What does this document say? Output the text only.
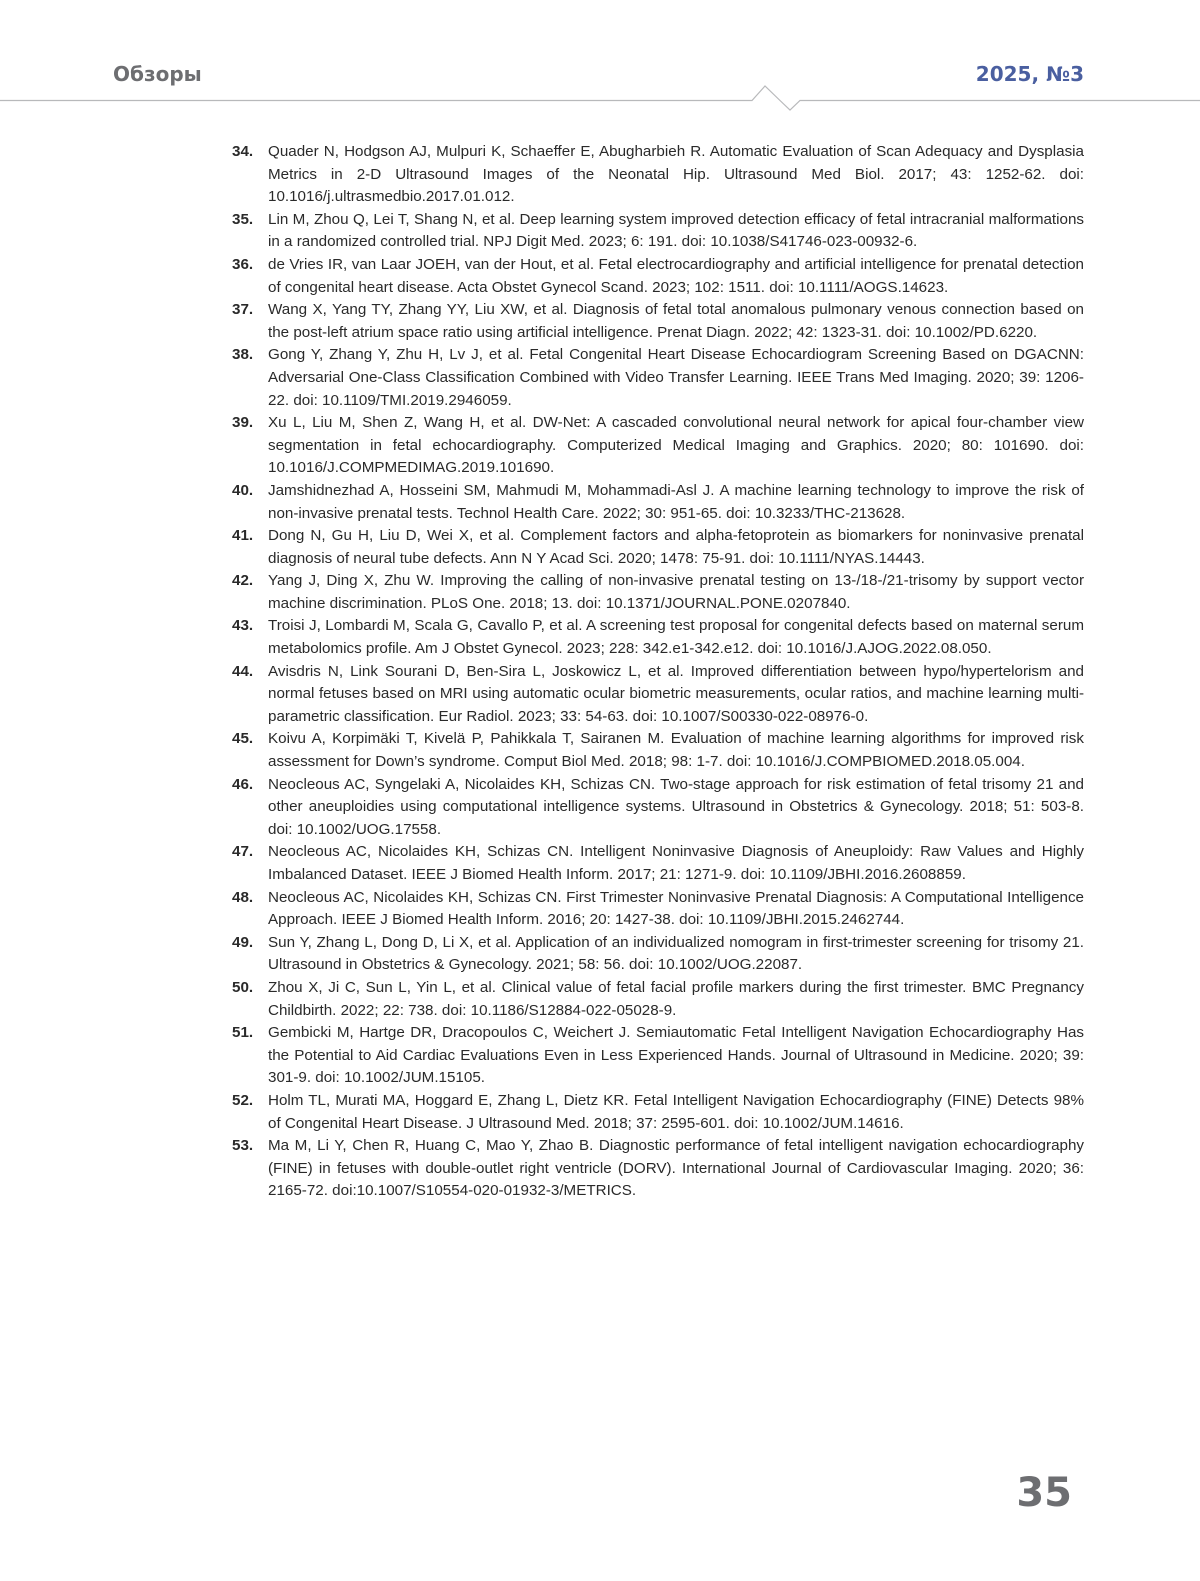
Обзоры	2025, №3
34. Quader N, Hodgson AJ, Mulpuri K, Schaeffer E, Abugharbieh R. Automatic Evaluation of Scan Adequacy and Dysplasia Metrics in 2-D Ultrasound Images of the Neonatal Hip. Ultrasound Med Biol. 2017; 43: 1252-62. doi: 10.1016/j.ultrasmedbio.2017.01.012.
35. Lin M, Zhou Q, Lei T, Shang N, et al. Deep learning system improved detection efficacy of fetal intracranial malformations in a randomized controlled trial. NPJ Digit Med. 2023; 6: 191. doi: 10.1038/S41746-023-00932-6.
36. de Vries IR, van Laar JOEH, van der Hout, et al. Fetal electrocardiography and artificial intelligence for prenatal detection of congenital heart disease. Acta Obstet Gynecol Scand. 2023; 102: 1511. doi: 10.1111/AOGS.14623.
37. Wang X, Yang TY, Zhang YY, Liu XW, et al. Diagnosis of fetal total anomalous pulmonary venous connection based on the post-left atrium space ratio using artificial intelligence. Prenat Diagn. 2022; 42: 1323-31. doi: 10.1002/PD.6220.
38. Gong Y, Zhang Y, Zhu H, Lv J, et al. Fetal Congenital Heart Disease Echocardiogram Screening Based on DGACNN: Adversarial One-Class Classification Combined with Video Transfer Learning. IEEE Trans Med Imaging. 2020; 39: 1206-22. doi: 10.1109/TMI.2019.2946059.
39. Xu L, Liu M, Shen Z, Wang H, et al. DW-Net: A cascaded convolutional neural network for apical four-chamber view segmentation in fetal echocardiography. Computerized Medical Imaging and Graphics. 2020; 80: 101690. doi: 10.1016/J.COMPMEDIMAG.2019.101690.
40. Jamshidnezhad A, Hosseini SM, Mahmudi M, Mohammadi-Asl J. A machine learning technology to improve the risk of non-invasive prenatal tests. Technol Health Care. 2022; 30: 951-65. doi: 10.3233/THC-213628.
41. Dong N, Gu H, Liu D, Wei X, et al. Complement factors and alpha-fetoprotein as biomarkers for noninvasive prenatal diagnosis of neural tube defects. Ann N Y Acad Sci. 2020; 1478: 75-91. doi: 10.1111/NYAS.14443.
42. Yang J, Ding X, Zhu W. Improving the calling of non-invasive prenatal testing on 13-/18-/21-trisomy by support vector machine discrimination. PLoS One. 2018; 13. doi: 10.1371/JOURNAL.PONE.0207840.
43. Troisi J, Lombardi M, Scala G, Cavallo P, et al. A screening test proposal for congenital defects based on maternal serum metabolomics profile. Am J Obstet Gynecol. 2023; 228: 342.e1-342.e12. doi: 10.1016/J.AJOG.2022.08.050.
44. Avisdris N, Link Sourani D, Ben-Sira L, Joskowicz L, et al. Improved differentiation between hypo/hypertelorism and normal fetuses based on MRI using automatic ocular biometric measurements, ocular ratios, and machine learning multi-parametric classification. Eur Radiol. 2023; 33: 54-63. doi: 10.1007/S00330-022-08976-0.
45. Koivu A, Korpimäki T, Kivelä P, Pahikkala T, Sairanen M. Evaluation of machine learning algorithms for improved risk assessment for Down’s syndrome. Comput Biol Med. 2018; 98: 1-7. doi: 10.1016/J.COMPBIOMED.2018.05.004.
46. Neocleous AC, Syngelaki A, Nicolaides KH, Schizas CN. Two-stage approach for risk estimation of fetal trisomy 21 and other aneuploidies using computational intelligence systems. Ultrasound in Obstetrics & Gynecology. 2018; 51: 503-8. doi: 10.1002/UOG.17558.
47. Neocleous AC, Nicolaides KH, Schizas CN. Intelligent Noninvasive Diagnosis of Aneuploidy: Raw Values and Highly Imbalanced Dataset. IEEE J Biomed Health Inform. 2017; 21: 1271-9. doi: 10.1109/JBHI.2016.2608859.
48. Neocleous AC, Nicolaides KH, Schizas CN. First Trimester Noninvasive Prenatal Diagnosis: A Computational Intelligence Approach. IEEE J Biomed Health Inform. 2016; 20: 1427-38. doi: 10.1109/JBHI.2015.2462744.
49. Sun Y, Zhang L, Dong D, Li X, et al. Application of an individualized nomogram in first-trimester screening for trisomy 21. Ultrasound in Obstetrics & Gynecology. 2021; 58: 56. doi: 10.1002/UOG.22087.
50. Zhou X, Ji C, Sun L, Yin L, et al. Clinical value of fetal facial profile markers during the first trimester. BMC Pregnancy Childbirth. 2022; 22: 738. doi: 10.1186/S12884-022-05028-9.
51. Gembicki M, Hartge DR, Dracopoulos C, Weichert J. Semiautomatic Fetal Intelligent Navigation Echocardiography Has the Potential to Aid Cardiac Evaluations Even in Less Experienced Hands. Journal of Ultrasound in Medicine. 2020; 39: 301-9. doi: 10.1002/JUM.15105.
52. Holm TL, Murati MA, Hoggard E, Zhang L, Dietz KR. Fetal Intelligent Navigation Echocardiography (FINE) Detects 98% of Congenital Heart Disease. J Ultrasound Med. 2018; 37: 2595-601. doi: 10.1002/JUM.14616.
53. Ma M, Li Y, Chen R, Huang C, Mao Y, Zhao B. Diagnostic performance of fetal intelligent navigation echocardiography (FINE) in fetuses with double-outlet right ventricle (DORV). International Journal of Cardiovascular Imaging. 2020; 36: 2165-72. doi:10.1007/S10554-020-01932-3/METRICS.
35
